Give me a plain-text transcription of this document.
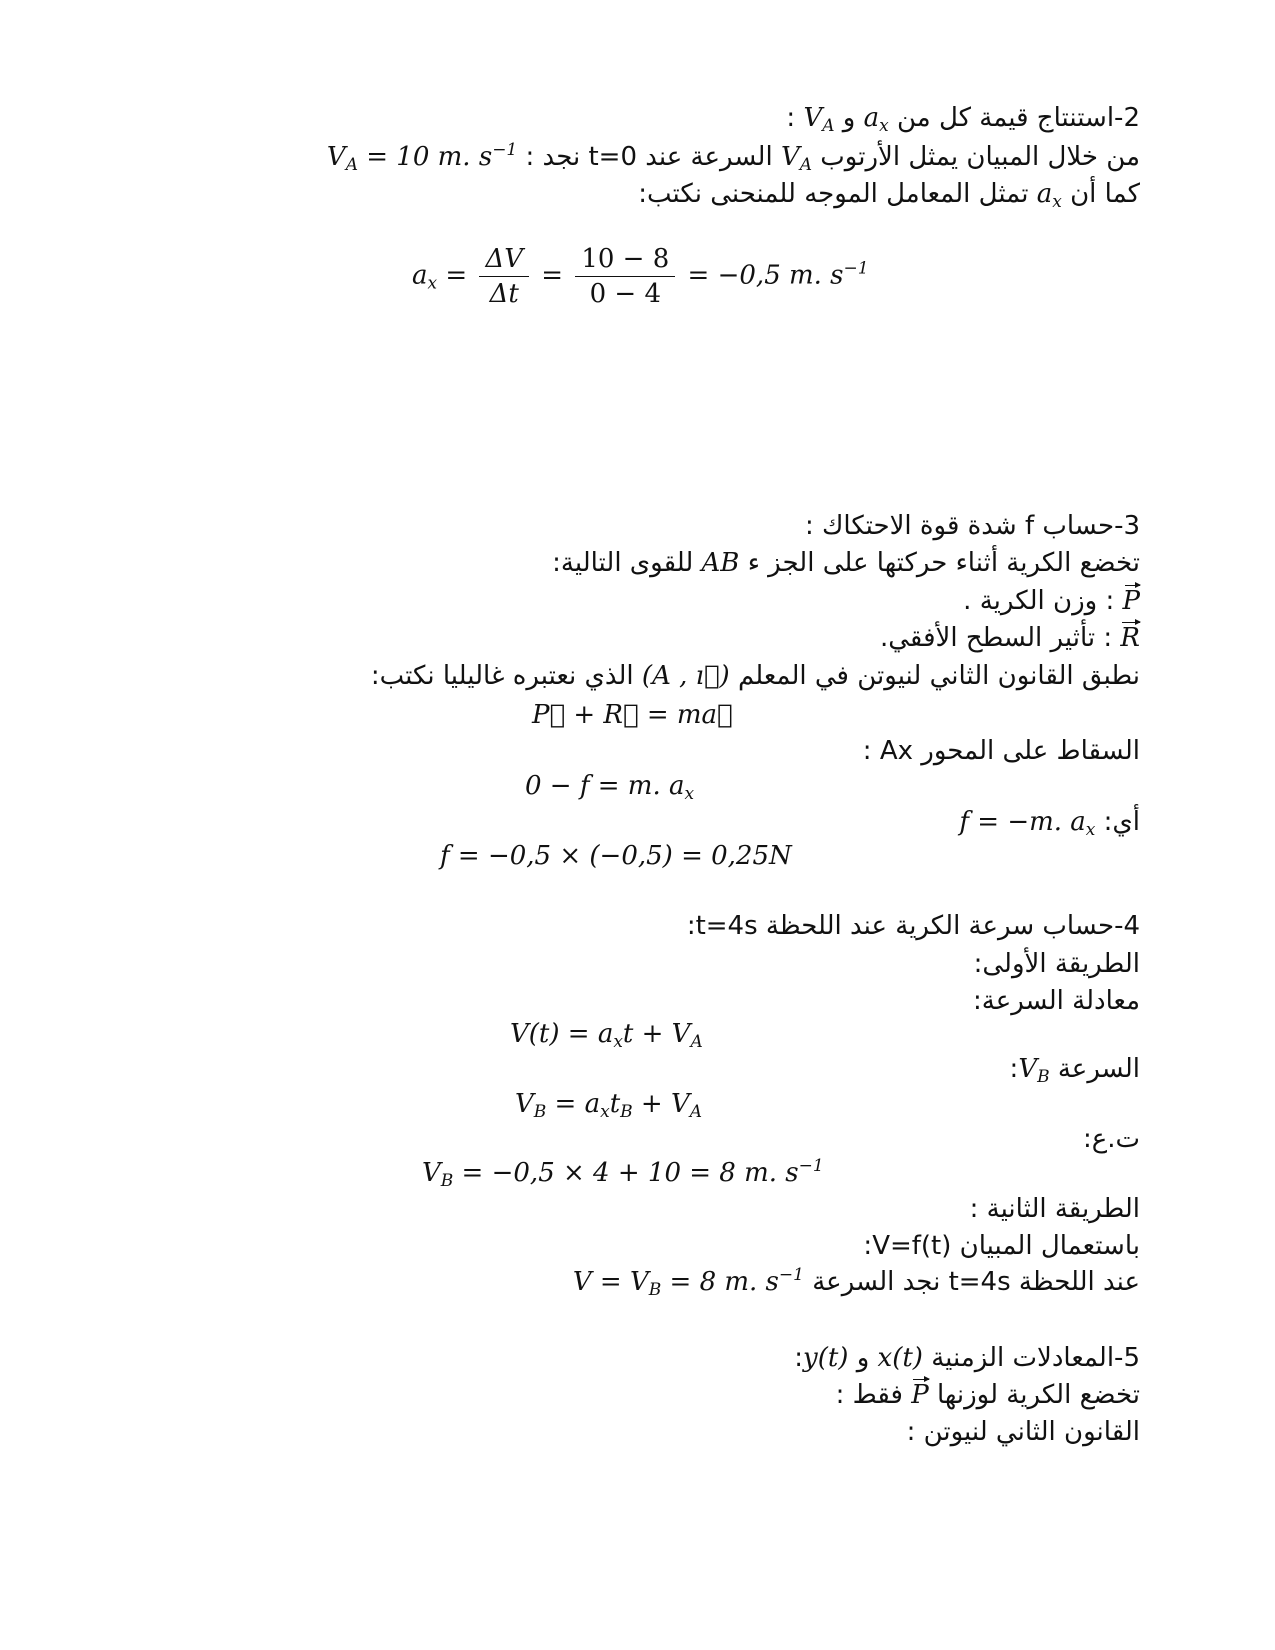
2-استنتاج قيمة كل من $a_x$ و $V_A$ :
من خلال المبيان يمثل الأرتوب $V_A$ السرعة عند t=0 نجد : $V_A = 10$ m. $s^{-1}$
كما أن $a_x$ تمثل المعامل الموجه للمنحنى نكتب:
$a_x = \frac{\Delta V}{\Delta t} = \frac{10 - 8}{0 - 4} = -0,5$ m. $s^{-1}$
3-حساب f شدة قوة الاحتكاك :
تخضع الكرية أثناء حركتها على الجز ء AB للقوى التالية:
P : وزن الكرية .
R : تأثير السطح الأفقي.
نطبق القانون الثاني لنيوتن في المعلم (A , ı⃗) الذي نعتبره غاليليا نكتب:
P⃗ + R⃗ = ma⃗
السقاط على المحور Ax :
0 − f = m. $a_x$
أي: f = −m. $a_x$
f = −0,5 × (−0,5) = 0,25N
4-حساب سرعة الكرية عند اللحظة t=4s:
الطريقة الأولى:
معادلة السرعة:
$V(t) = a_xt + V_A$
السرعة $V_B$:
$V_B = a_xt_B + V_A$
ت.ع:
$V_B = -0,5 \times 4 + 10 = 8$ m. $s^{-1}$
الطريقة الثانية :
باستعمال المبيان V=f(t):
عند اللحظة t=4s نجد السرعة $V = V_B = 8$ m. $s^{-1}$
5-المعادلات الزمنية x(t) و y(t):
تخضع الكرية لوزنها P فقط :
القانون الثاني لنيوتن :
